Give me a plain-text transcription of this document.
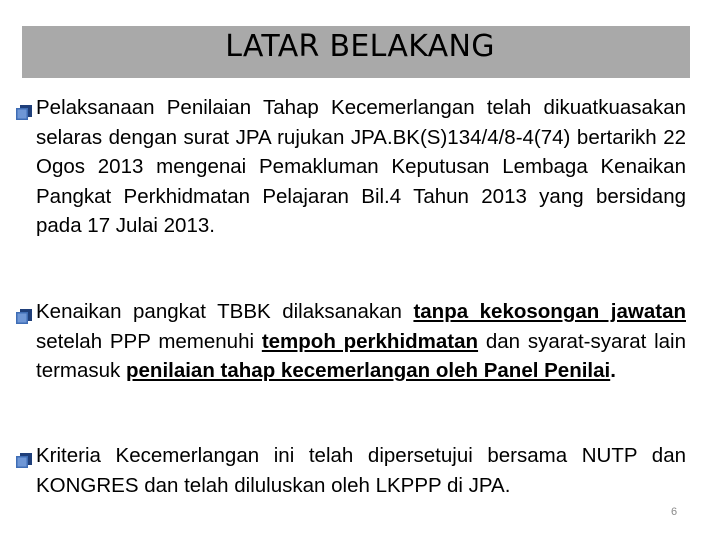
LATAR BELAKANG
Pelaksanaan Penilaian Tahap Kecemerlangan telah dikuatkuasakan selaras dengan surat JPA rujukan JPA.BK(S)134/4/8-4(74) bertarikh 22 Ogos 2013 mengenai Pemakluman Keputusan Lembaga Kenaikan Pangkat Perkhidmatan Pelajaran Bil.4 Tahun 2013 yang bersidang pada 17 Julai 2013.
Kenaikan pangkat TBBK dilaksanakan tanpa kekosongan jawatan setelah PPP memenuhi tempoh perkhidmatan dan syarat-syarat lain termasuk penilaian tahap kecemerlangan oleh Panel Penilai.
Kriteria Kecemerlangan ini telah dipersetujui bersama NUTP dan KONGRES dan telah diluluskan oleh LKPPP di JPA.
6
